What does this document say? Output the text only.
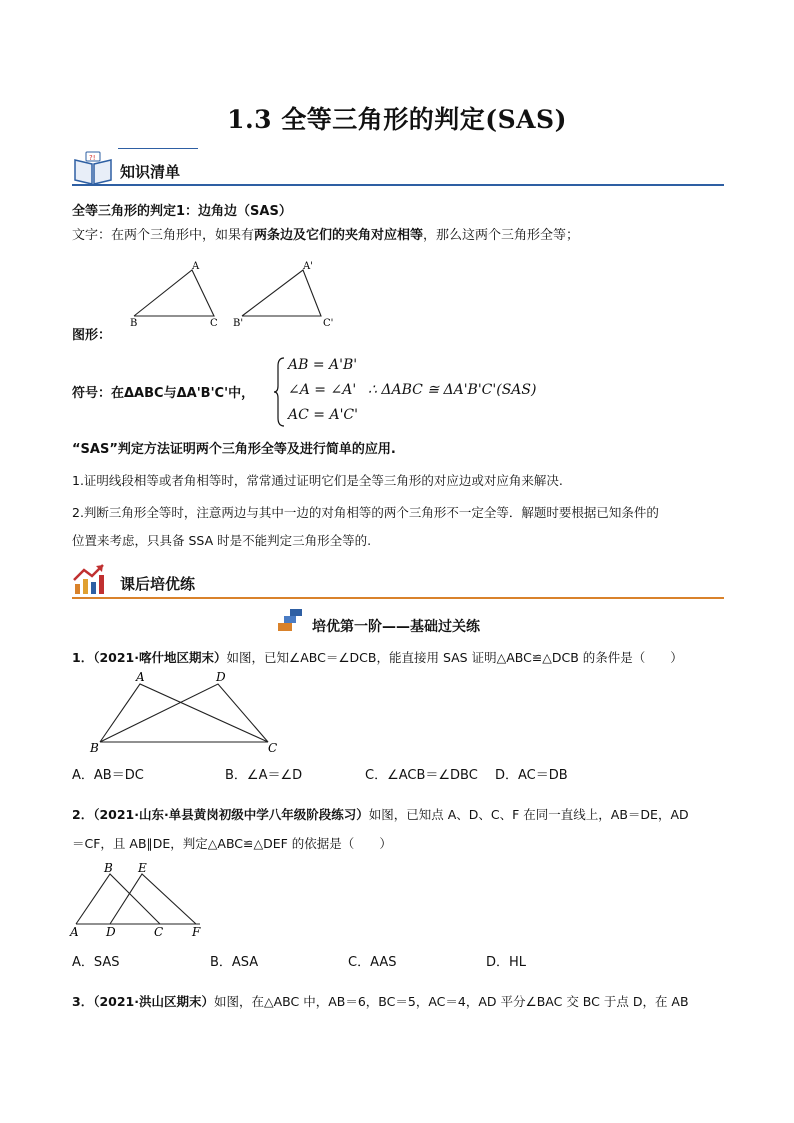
1.3 全等三角形的判定(SAS)
?!
知识清单
全等三角形的判定1：边角边（SAS）
文字：在两个三角形中，如果有两条边及它们的夹角对应相等，那么这两个三角形全等；
A
B	C
A'
B'	C'
图形：
符号：在ΔABC与ΔA'B'C'中，
AB = A'B'
∠A = ∠A'
AC = A'C'
∴ ΔABC ≅ ΔA'B'C'(SAS)
“SAS”判定方法证明两个三角形全等及进行简单的应用.
1.证明线段相等或者角相等时，常常通过证明它们是全等三角形的对应边或对应角来解决.
2.判断三角形全等时，注意两边与其中一边的对角相等的两个三角形不一定全等．解题时要根据已知条件的
位置来考虑，只具备 SSA 时是不能判定三角形全等的.
课后培优练
培优第一阶——基础过关练
1．（2021·喀什地区期末）如图，已知∠ABC＝∠DCB，能直接用 SAS 证明△ABC≌△DCB 的条件是（　　）
A	D
B	C
A．AB＝DC	B．∠A＝∠D	C．∠ACB＝∠DBC D．AC＝DB
2．（2021·山东·单县黄岗初级中学八年级阶段练习）如图，已知点 A、D、C、F 在同一直线上，AB＝DE，AD
＝CF，且 AB∥DE，判定△ABC≌△DEF 的依据是（　　）
B E
A D	C F
A．SAS	B．ASA	C．AAS	D．HL
3．（2021·洪山区期末）如图，在△ABC 中，AB＝6，BC＝5，AC＝4，AD 平分∠BAC 交 BC 于点 D，在 AB
